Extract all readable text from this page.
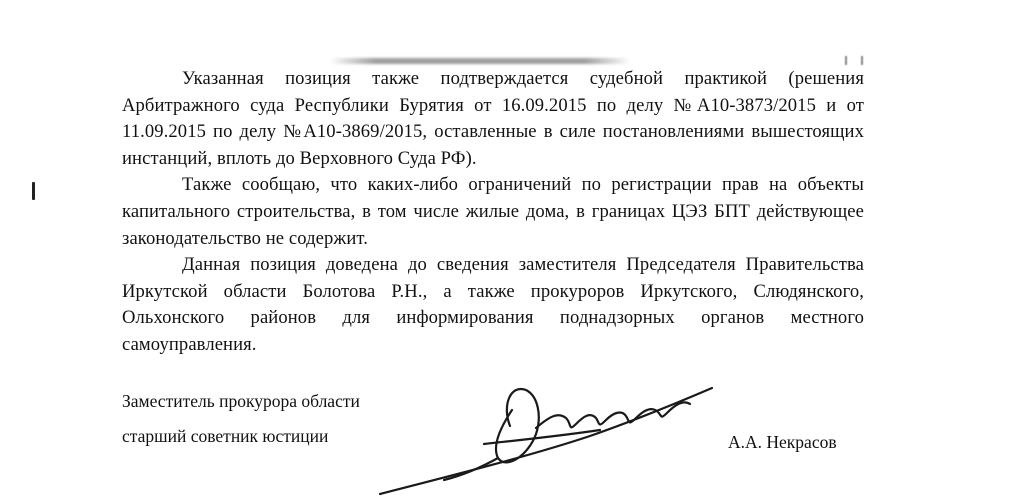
Указанная позиция также подтверждается судебной практикой (решения Арбитражного суда Республики Бурятия от 16.09.2015 по делу №А10-3873/2015 и от 11.09.2015 по делу №А10-3869/2015, оставленные в силе постановлениями вышестоящих инстанций, вплоть до Верховного Суда РФ).

Также сообщаю, что каких-либо ограничений по регистрации прав на объекты капитального строительства, в том числе жилые дома, в границах ЦЭЗ БПТ действующее законодательство не содержит.

Данная позиция доведена до сведения заместителя Председателя Правительства Иркутской области Болотова Р.Н., а также прокуроров Иркутского, Слюдянского, Ольхонского районов для информирования поднадзорных органов местного самоуправления.

Заместитель прокурора области
старший советник юстиции	А.А. Некрасов
